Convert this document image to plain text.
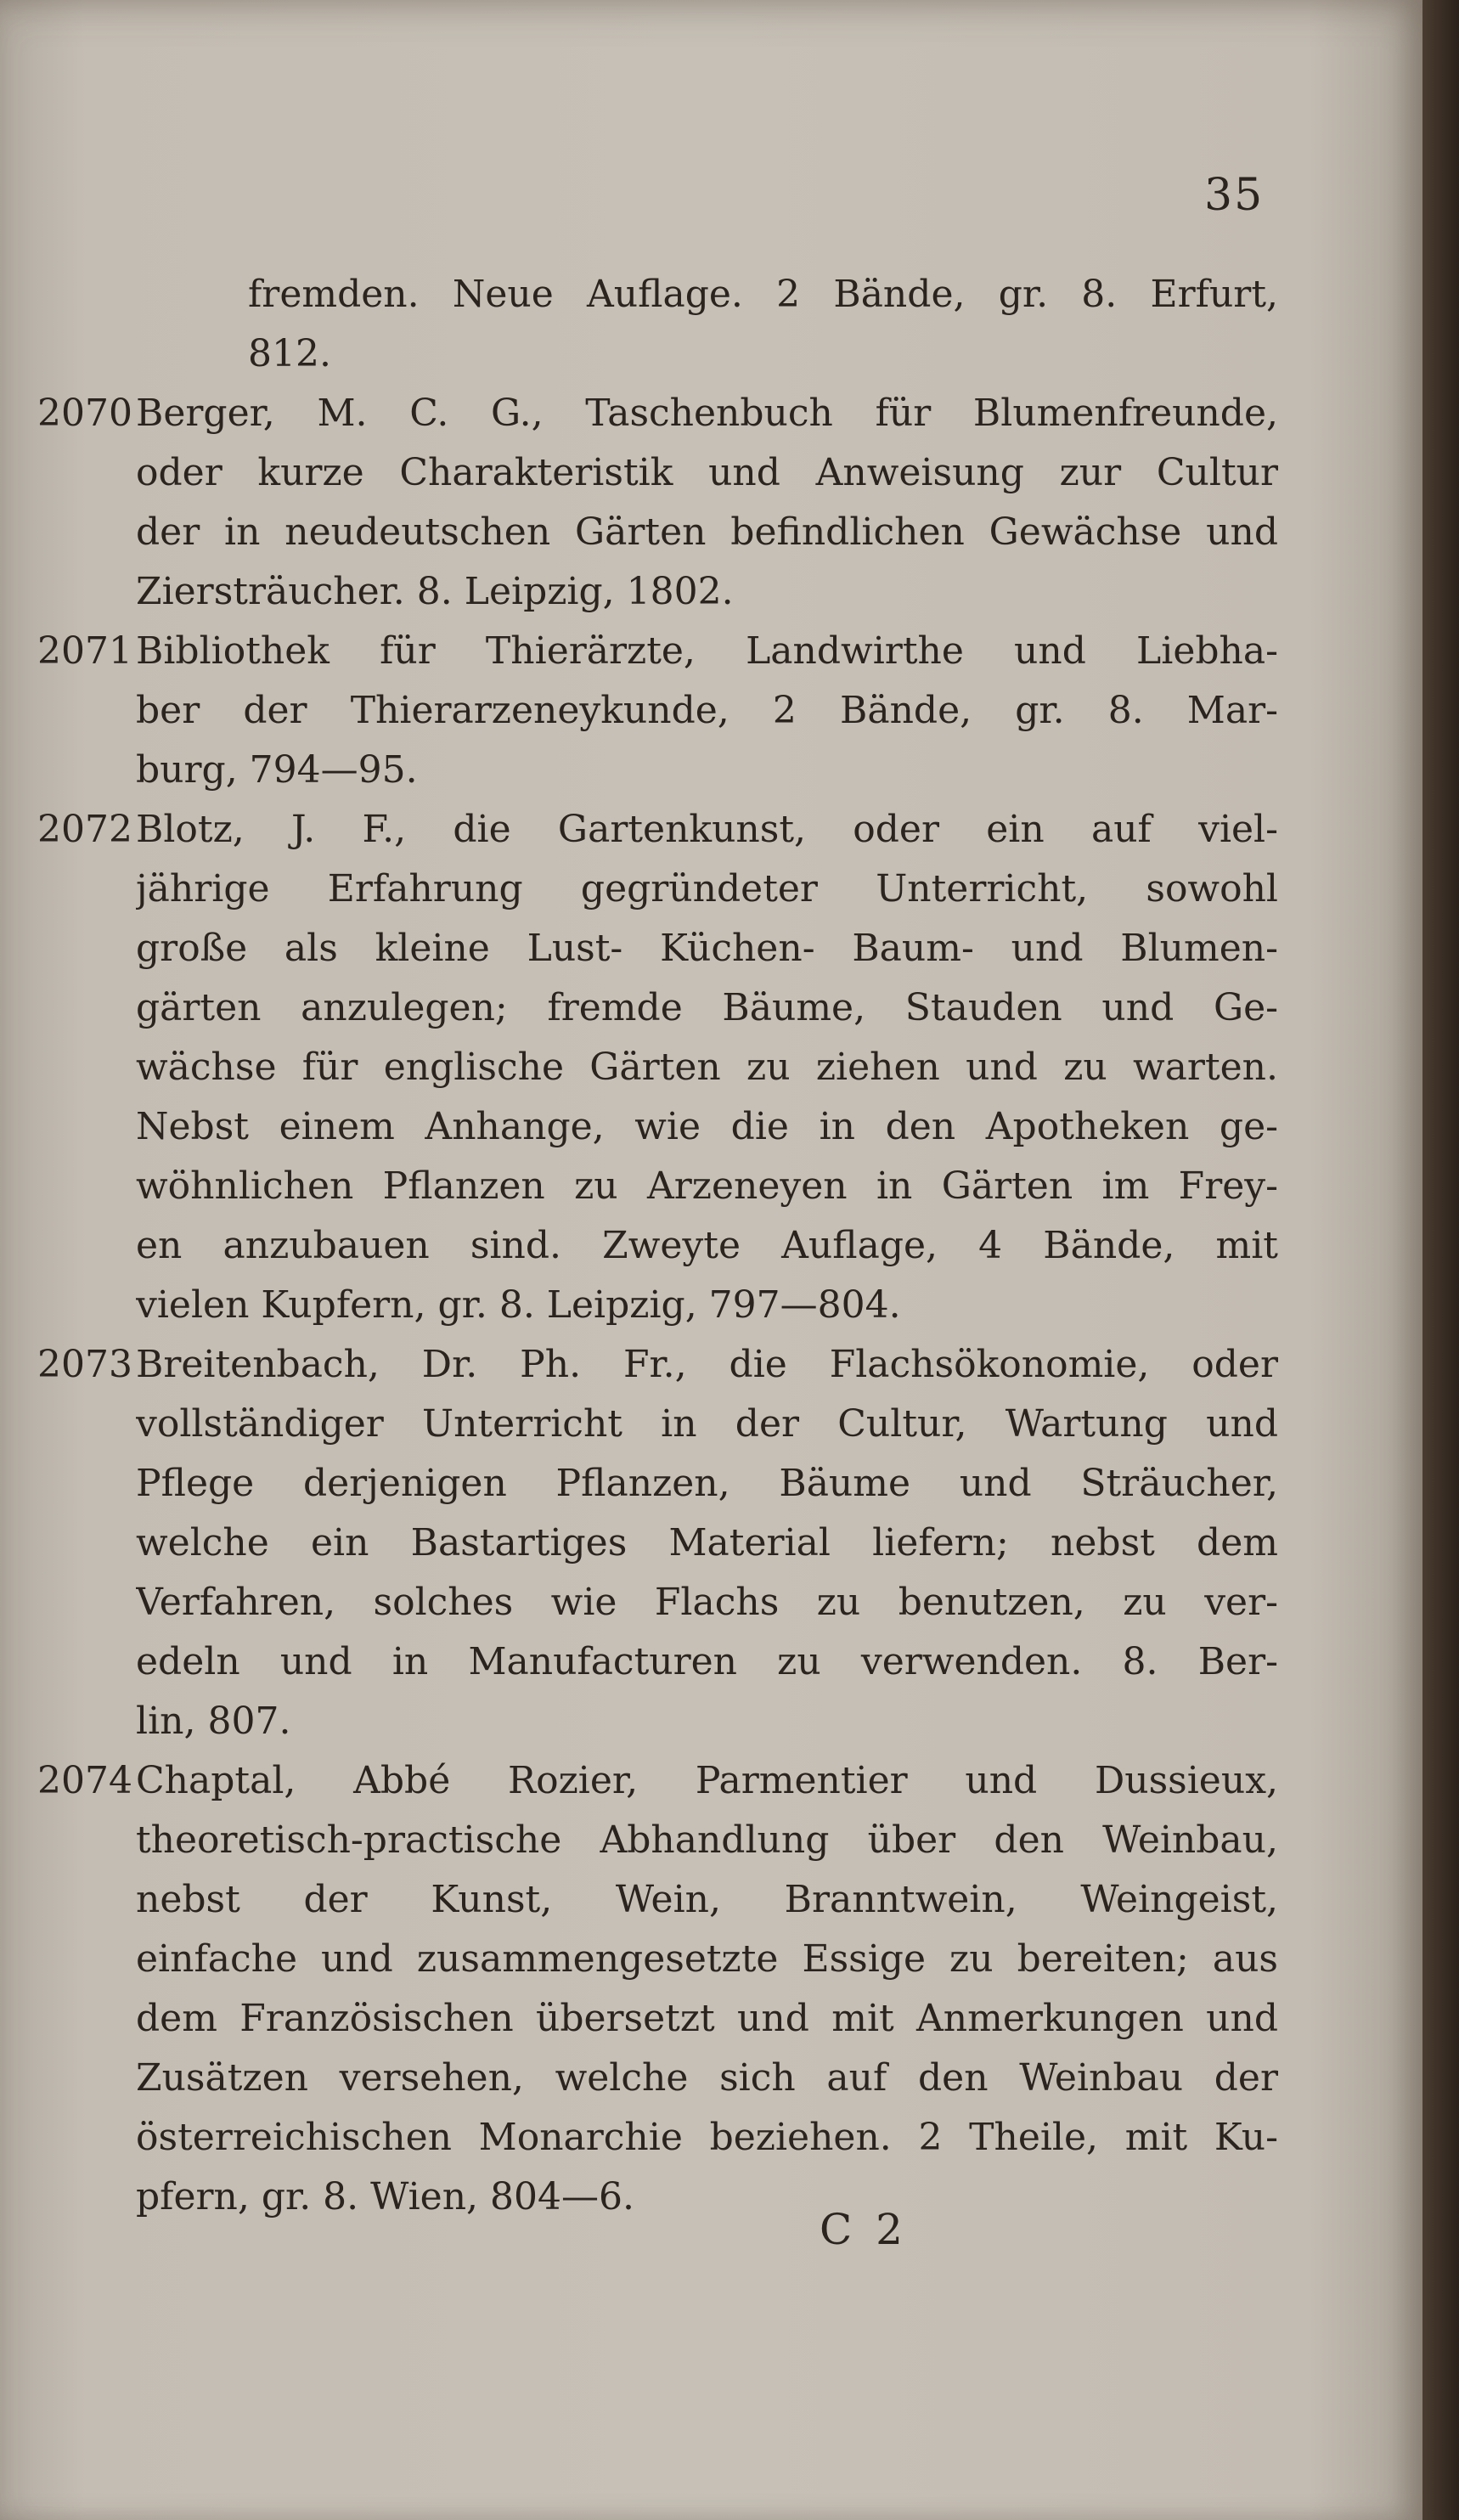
35
fremden. Neue Auflage. 2 Bände, gr. 8. Erfurt,
812.
2070 Berger, M. C. G., Taschenbuch für Blumenfreunde,
oder kurze Charakteristik und Anweisung zur Cultur
der in neudeutschen Gärten befindlichen Gewächse und
Ziersträucher. 8. Leipzig, 1802.
2071 Bibliothek für Thierärzte, Landwirthe und Liebha-
ber der Thierarzeneykunde, 2 Bände, gr. 8. Mar-
burg, 794—95.
2072 Blotz, J. F., die Gartenkunst, oder ein auf viel-
jährige Erfahrung gegründeter Unterricht, sowohl
große als kleine Lust- Küchen- Baum- und Blumen-
gärten anzulegen; fremde Bäume, Stauden und Ge-
wächse für englische Gärten zu ziehen und zu warten.
Nebst einem Anhange, wie die in den Apotheken ge-
wöhnlichen Pflanzen zu Arzeneyen in Gärten im Frey-
en anzubauen sind. Zweyte Auflage, 4 Bände, mit
vielen Kupfern, gr. 8. Leipzig, 797—804.
2073 Breitenbach, Dr. Ph. Fr., die Flachsökonomie, oder
vollständiger Unterricht in der Cultur, Wartung und
Pflege derjenigen Pflanzen, Bäume und Sträucher,
welche ein Bastartiges Material liefern; nebst dem
Verfahren, solches wie Flachs zu benutzen, zu ver-
edeln und in Manufacturen zu verwenden. 8. Ber-
lin, 807.
2074 Chaptal, Abbé Rozier, Parmentier und Dussieux,
theoretisch-practische Abhandlung über den Weinbau,
nebst der Kunst, Wein, Branntwein, Weingeist,
einfache und zusammengesetzte Essige zu bereiten; aus
dem Französischen übersetzt und mit Anmerkungen und
Zusätzen versehen, welche sich auf den Weinbau der
österreichischen Monarchie beziehen. 2 Theile, mit Ku-
pfern, gr. 8. Wien, 804—6.
C 2
